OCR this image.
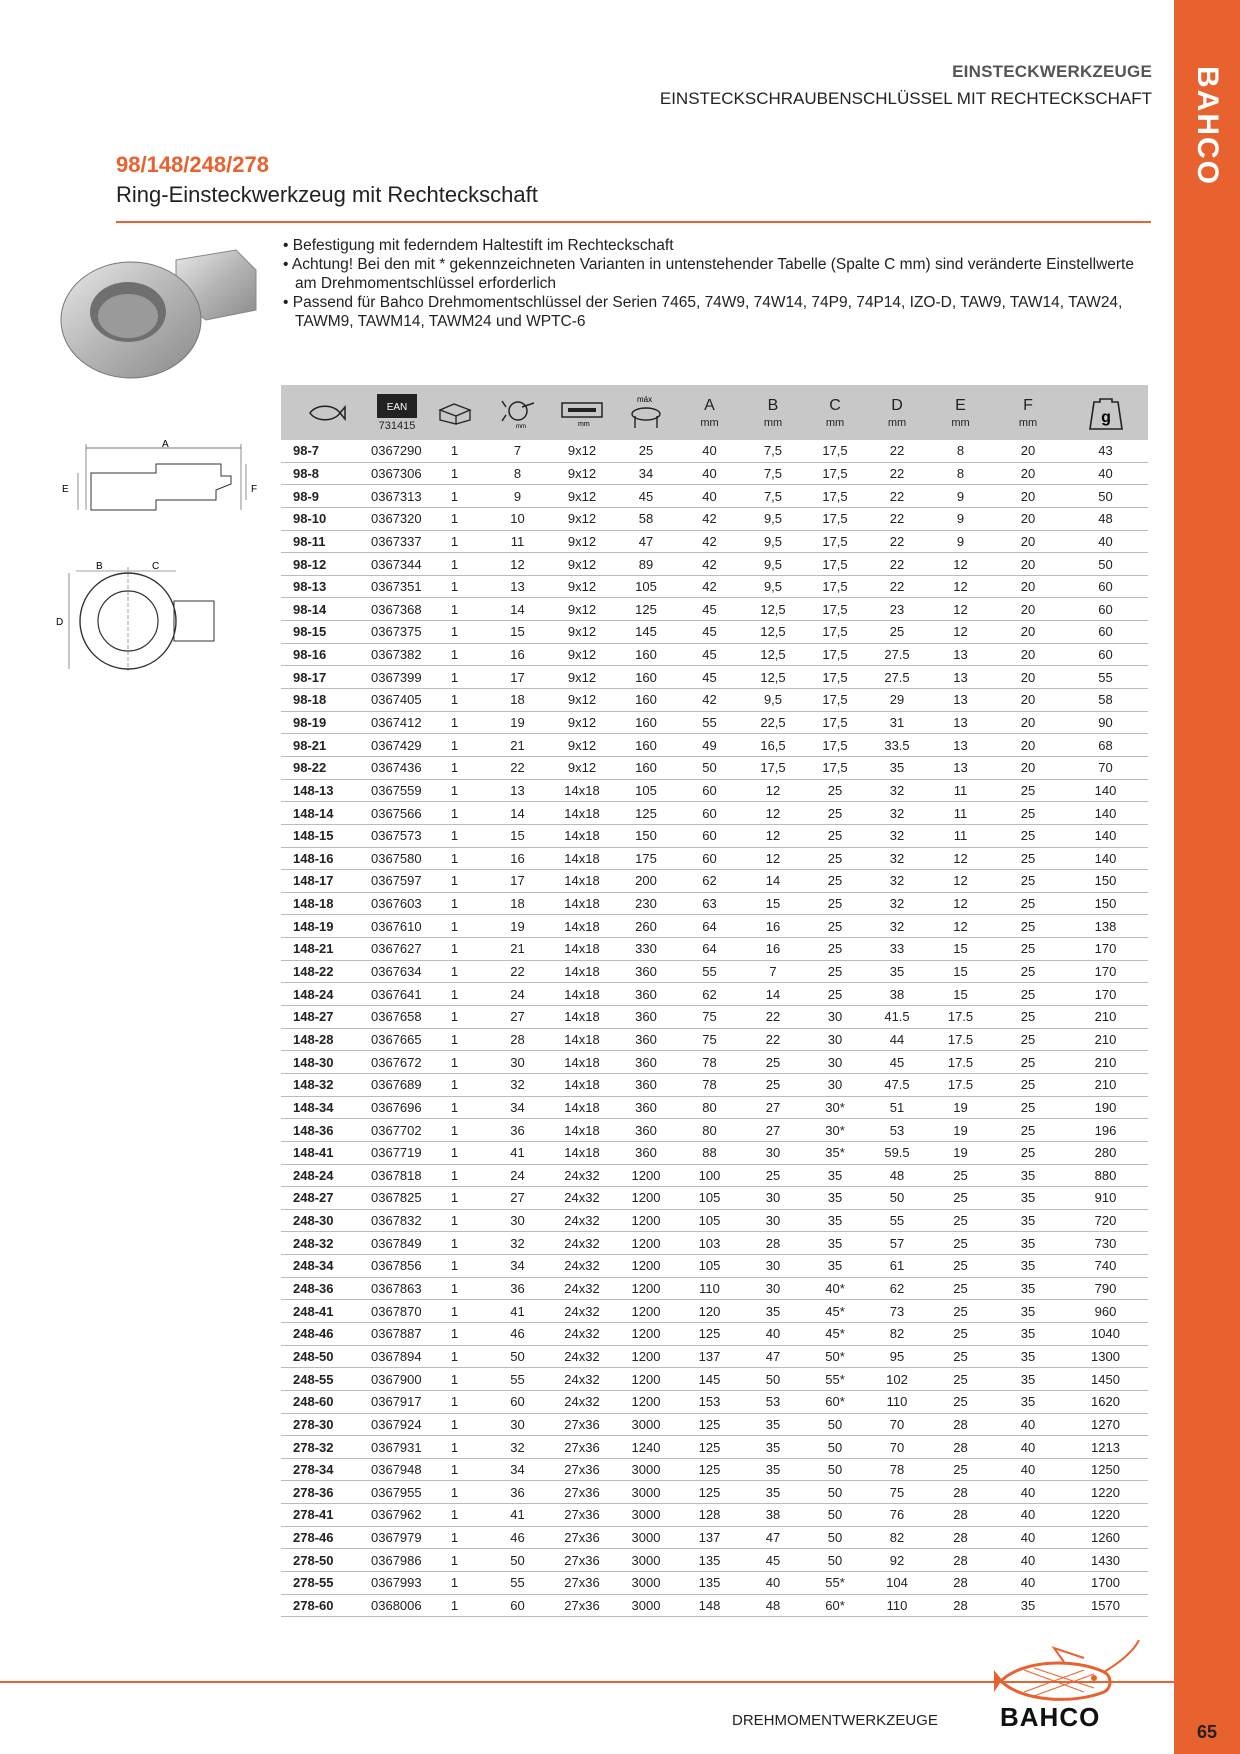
BAHCO
65
EINSTECKWERKZEUGE
EINSTECKSCHRAUBENSCHLÜSSEL MIT RECHTECKSCHAFT
98/148/248/278
Ring-Einsteckwerkzeug mit Rechteckschaft
• Befestigung mit federndem Haltestift im Rechteckschaft
• Achtung! Bei den mit * gekennzeichneten Varianten in untenstehender Tabelle (Spalte C mm) sind veränderte Einstellwerte am Drehmomentschlüssel erforderlich
• Passend für Bahco Drehmomentschlüssel der Serien 7465, 74W9, 74W14, 74P9, 74P14, IZO-D, TAW9, TAW14, TAW24, TAWM9, TAWM14, TAWM24 und WPTC-6
A
E	F
B	C
D
EAN
731415	mm	mm
máx	A
mm
B
mm
C
mm
D
mm
E
mm
F
mm	g
98-7	0367290	1	7	9x12	25	40	7,5	17,5	22	8	20	43
98-8	0367306	1	8	9x12	34	40	7,5	17,5	22	8	20	40
98-9	0367313	1	9	9x12	45	40	7,5	17,5	22	9	20	50
98-10	0367320	1	10	9x12	58	42	9,5	17,5	22	9	20	48
98-11	0367337	1	11	9x12	47	42	9,5	17,5	22	9	20	40
98-12	0367344	1	12	9x12	89	42	9,5	17,5	22	12	20	50
98-13	0367351	1	13	9x12	105	42	9,5	17,5	22	12	20	60
98-14	0367368	1	14	9x12	125	45	12,5	17,5	23	12	20	60
98-15	0367375	1	15	9x12	145	45	12,5	17,5	25	12	20	60
98-16	0367382	1	16	9x12	160	45	12,5	17,5	27.5	13	20	60
98-17	0367399	1	17	9x12	160	45	12,5	17,5	27.5	13	20	55
98-18	0367405	1	18	9x12	160	42	9,5	17,5	29	13	20	58
98-19	0367412	1	19	9x12	160	55	22,5	17,5	31	13	20	90
98-21	0367429	1	21	9x12	160	49	16,5	17,5	33.5	13	20	68
98-22	0367436	1	22	9x12	160	50	17,5	17,5	35	13	20	70
148-13	0367559	1	13	14x18	105	60	12	25	32	11	25	140
148-14	0367566	1	14	14x18	125	60	12	25	32	11	25	140
148-15	0367573	1	15	14x18	150	60	12	25	32	11	25	140
148-16	0367580	1	16	14x18	175	60	12	25	32	12	25	140
148-17	0367597	1	17	14x18	200	62	14	25	32	12	25	150
148-18	0367603	1	18	14x18	230	63	15	25	32	12	25	150
148-19	0367610	1	19	14x18	260	64	16	25	32	12	25	138
148-21	0367627	1	21	14x18	330	64	16	25	33	15	25	170
148-22	0367634	1	22	14x18	360	55	7	25	35	15	25	170
148-24	0367641	1	24	14x18	360	62	14	25	38	15	25	170
148-27	0367658	1	27	14x18	360	75	22	30	41.5	17.5	25	210
148-28	0367665	1	28	14x18	360	75	22	30	44	17.5	25	210
148-30	0367672	1	30	14x18	360	78	25	30	45	17.5	25	210
148-32	0367689	1	32	14x18	360	78	25	30	47.5	17.5	25	210
148-34	0367696	1	34	14x18	360	80	27	30*	51	19	25	190
148-36	0367702	1	36	14x18	360	80	27	30*	53	19	25	196
148-41	0367719	1	41	14x18	360	88	30	35*	59.5	19	25	280
248-24	0367818	1	24	24x32	1200	100	25	35	48	25	35	880
248-27	0367825	1	27	24x32	1200	105	30	35	50	25	35	910
248-30	0367832	1	30	24x32	1200	105	30	35	55	25	35	720
248-32	0367849	1	32	24x32	1200	103	28	35	57	25	35	730
248-34	0367856	1	34	24x32	1200	105	30	35	61	25	35	740
248-36	0367863	1	36	24x32	1200	110	30	40*	62	25	35	790
248-41	0367870	1	41	24x32	1200	120	35	45*	73	25	35	960
248-46	0367887	1	46	24x32	1200	125	40	45*	82	25	35	1040
248-50	0367894	1	50	24x32	1200	137	47	50*	95	25	35	1300
248-55	0367900	1	55	24x32	1200	145	50	55*	102	25	35	1450
248-60	0367917	1	60	24x32	1200	153	53	60*	110	25	35	1620
278-30	0367924	1	30	27x36	3000	125	35	50	70	28	40	1270
278-32	0367931	1	32	27x36	1240	125	35	50	70	28	40	1213
278-34	0367948	1	34	27x36	3000	125	35	50	78	25	40	1250
278-36	0367955	1	36	27x36	3000	125	35	50	75	28	40	1220
278-41	0367962	1	41	27x36	3000	128	38	50	76	28	40	1220
278-46	0367979	1	46	27x36	3000	137	47	50	82	28	40	1260
278-50	0367986	1	50	27x36	3000	135	45	50	92	28	40	1430
278-55	0367993	1	55	27x36	3000	135	40	55*	104	28	40	1700
278-60	0368006	1	60	27x36	3000	148	48	60*	110	28	35	1570
DREHMOMENTWERKZEUGE BAHCO
